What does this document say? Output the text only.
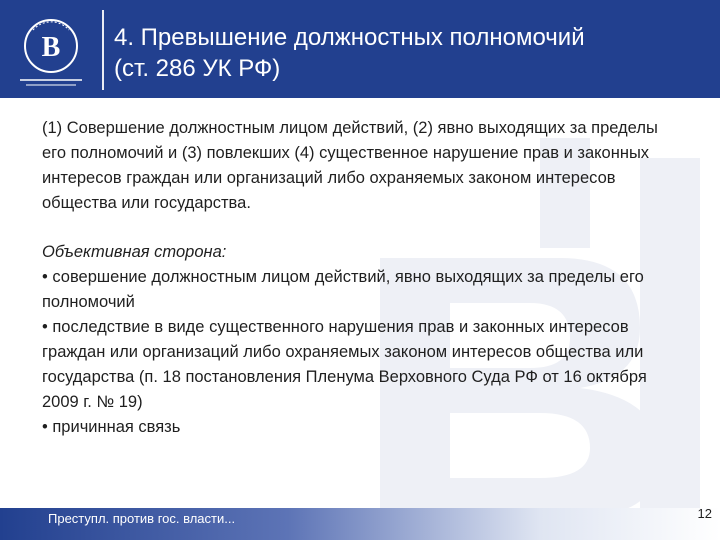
В 4. Превышение должностных полномочий
(ст. 286 УК РФ)

(1) Совершение должностным лицом действий, (2) явно выходящих за пределы его полномочий и (3) повлекших (4) существенное нарушение прав и законных интересов граждан или организаций либо охраняемых законом интересов общества или государства.

Объективная сторона:

• совершение должностным лицом действий, явно выходящих за пределы его полномочий

• последствие в виде существенного нарушения прав и законных интересов граждан или организаций либо охраняемых законом интересов общества или государства (п. 18 постановления Пленума Верховного Суда РФ от 16 октября 2009 г. № 19)

• причинная связь

Преступл. против гос. власти...	12
